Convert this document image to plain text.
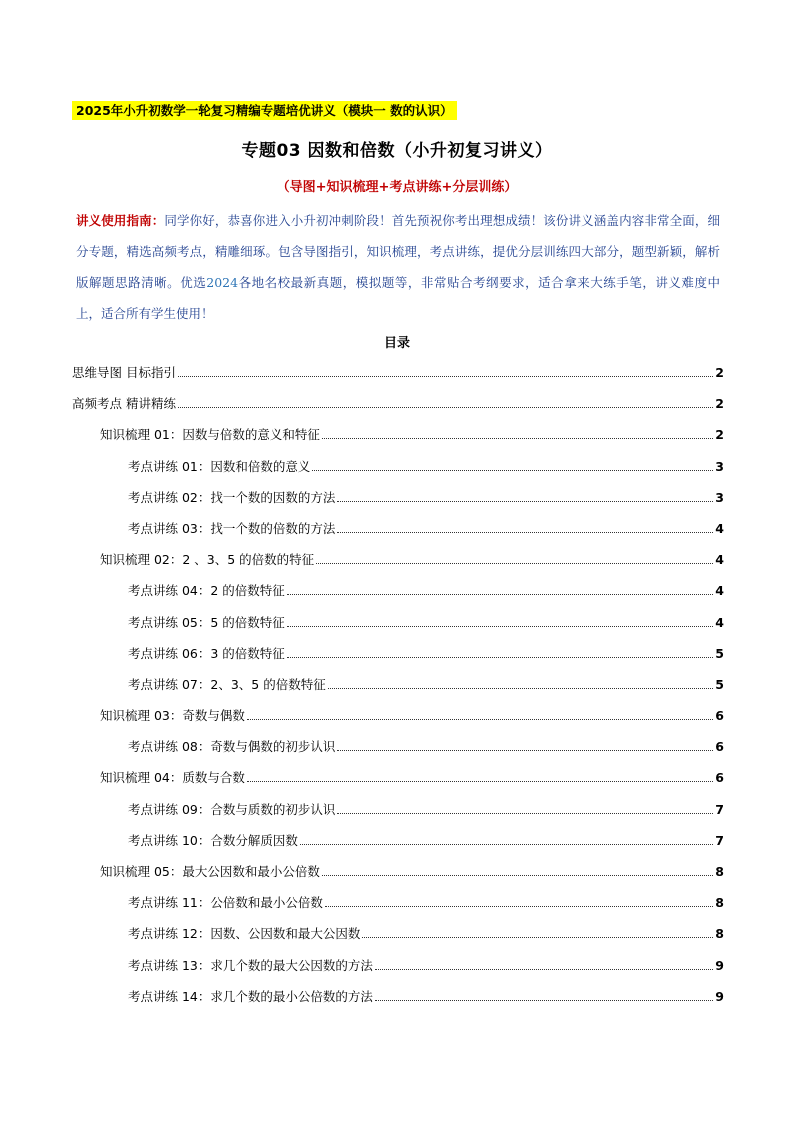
2025年小升初数学一轮复习精编专题培优讲义（模块一 数的认识）
专题03 因数和倍数（小升初复习讲义）
（导图+知识梳理+考点讲练+分层训练）
讲义使用指南：同学你好，恭喜你进入小升初冲刺阶段！首先预祝你考出理想成绩！该份讲义涵盖内容非常全面，细分专题，精选高频考点，精雕细琢。包含导图指引，知识梳理，考点讲练，提优分层训练四大部分，题型新颖，解析版解题思路清晰。优选2024各地名校最新真题，模拟题等，非常贴合考纲要求，适合拿来大练手笔，讲义难度中上，适合所有学生使用！
目录
思维导图 目标指引	2
高频考点 精讲精练	2
知识梳理 01：因数与倍数的意义和特征	2
考点讲练 01：因数和倍数的意义	3
考点讲练 02：找一个数的因数的方法	3
考点讲练 03：找一个数的倍数的方法	4
知识梳理 02：2 、3、5 的倍数的特征	4
考点讲练 04：2 的倍数特征	4
考点讲练 05：5 的倍数特征	4
考点讲练 06：3 的倍数特征	5
考点讲练 07：2、3、5 的倍数特征	5
知识梳理 03：奇数与偶数	6
考点讲练 08：奇数与偶数的初步认识	6
知识梳理 04：质数与合数	6
考点讲练 09：合数与质数的初步认识	7
考点讲练 10：合数分解质因数	7
知识梳理 05：最大公因数和最小公倍数	8
考点讲练 11：公倍数和最小公倍数	8
考点讲练 12：因数、公因数和最大公因数	8
考点讲练 13：求几个数的最大公因数的方法	9
考点讲练 14：求几个数的最小公倍数的方法	9
